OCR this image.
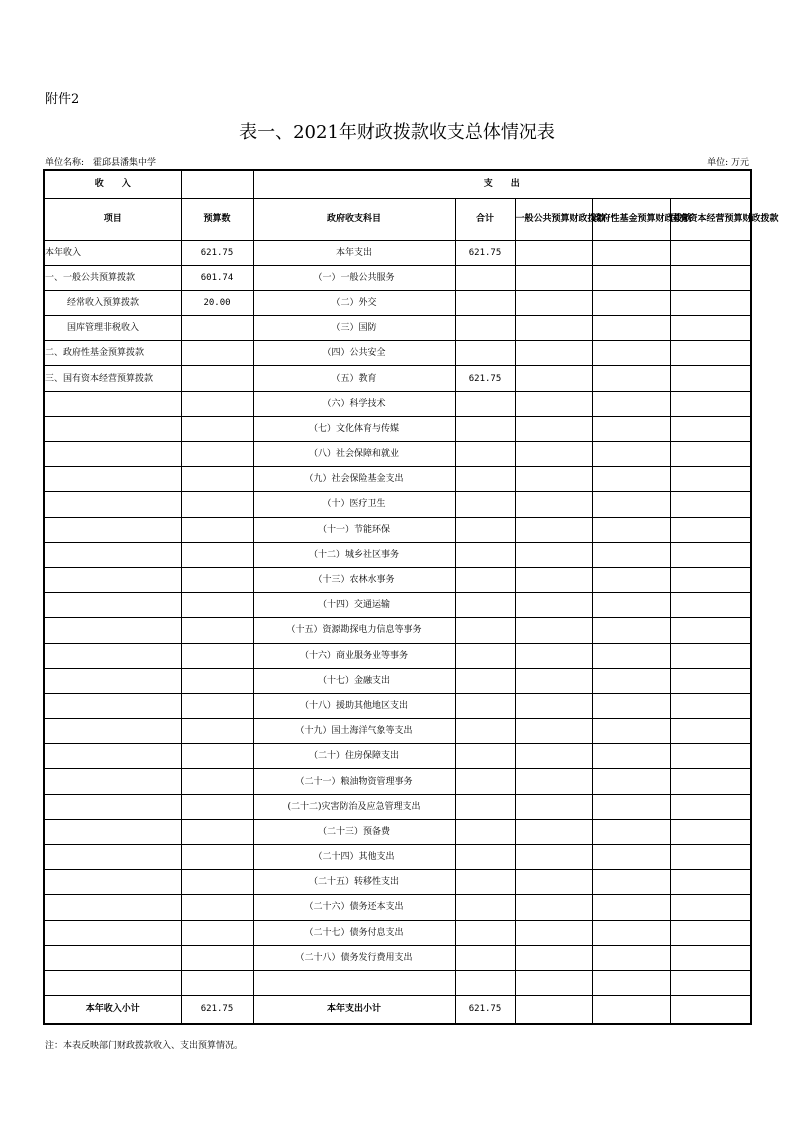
附件2
表一、2021年财政拨款收支总体情况表
单位名称:　霍邱县潘集中学	单位: 万元
收　　入		支　　出				
项目	预算数	政府收支科目	合计	一般公共预算财政拨款	政府性基金预算财政拨款	国有资本经营预算财政拨款
本年收入	621.75	本年支出	621.75			
一、一般公共预算拨款	601.74	（一）一般公共服务				
经常收入预算拨款	20.00	（二）外交				
国库管理非税收入		（三）国防				
二、政府性基金预算拨款		（四）公共安全				
三、国有资本经营预算拨款		（五）教育	621.75			
		（六）科学技术				
		（七）文化体育与传媒				
		（八）社会保障和就业				
		（九）社会保险基金支出				
		（十）医疗卫生				
		（十一）节能环保				
		（十二）城乡社区事务				
		（十三）农林水事务				
		（十四）交通运输				
		（十五）资源勘探电力信息等事务				
		（十六）商业服务业等事务				
		（十七）金融支出				
		（十八）援助其他地区支出				
		（十九）国土海洋气象等支出				
		（二十）住房保障支出				
		（二十一）粮油物资管理事务				
		(二十二)灾害防治及应急管理支出				
		（二十三）预备费				
		（二十四）其他支出				
		（二十五）转移性支出				
		（二十六）债务还本支出				
		（二十七）债务付息支出				
		（二十八）债务发行费用支出				

本年收入小计	621.75	本年支出小计	621.75			
注：本表反映部门财政拨款收入、支出预算情况。
